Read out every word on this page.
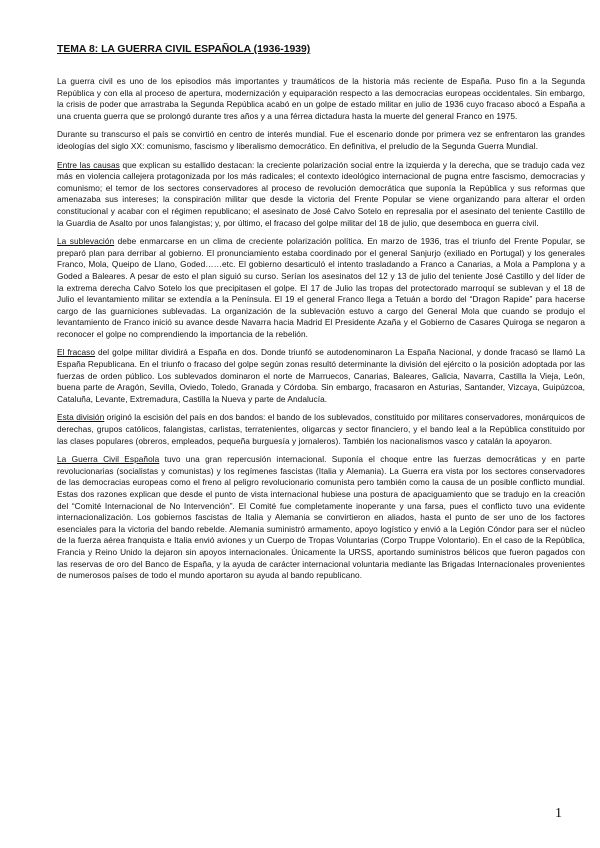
TEMA 8: LA GUERRA CIVIL ESPAÑOLA (1936-1939)

La guerra civil es uno de los episodios más importantes y traumáticos de la historia más reciente de España. Puso fin a la Segunda República y con ella al proceso de apertura, modernización y equiparación respecto a las democracias europeas occidentales. Sin embargo, la crisis de poder que arrastraba la Segunda República acabó en un golpe de estado militar en julio de 1936 cuyo fracaso abocó a España a una cruenta guerra que se prolongó durante tres años y a una férrea dictadura hasta la muerte del general Franco en 1975.

Durante su transcurso el país se convirtió en centro de interés mundial. Fue el escenario donde por primera vez se enfrentaron las grandes ideologías del siglo XX: comunismo, fascismo y liberalismo democrático. En definitiva, el preludio de la Segunda Guerra Mundial.

Entre las causas que explican su estallido destacan: la creciente polarización social entre la izquierda y la derecha, que se tradujo cada vez más en violencia callejera protagonizada por los más radicales; el contexto ideológico internacional de pugna entre fascismo, democracias y comunismo; el temor de los sectores conservadores al proceso de revolución democrática que suponía la República y sus reformas que amenazaba sus intereses; la conspiración militar que desde la victoria del Frente Popular se viene organizando para alterar el orden constitucional y acabar con el régimen republicano; el asesinato de José Calvo Sotelo en represalia por el asesinato del teniente Castillo de la Guardia de Asalto por unos falangistas; y, por último, el fracaso del golpe militar del 18 de julio, que desemboca en guerra civil.

La sublevación debe enmarcarse en un clima de creciente polarización política. En marzo de 1936, tras el triunfo del Frente Popular, se preparó plan para derribar al gobierno. El pronunciamiento estaba coordinado por el general Sanjurjo (exiliado en Portugal) y los generales Franco, Mola, Queipo de Llano, Goded……etc. El gobierno desarticuló el intento trasladando a Franco a Canarias, a Mola a Pamplona y a Goded a Baleares. A pesar de esto el plan siguió su curso. Serían los asesinatos del 12 y 13 de julio del teniente José Castillo y del líder de la extrema derecha Calvo Sotelo los que precipitasen el golpe. El 17 de Julio las tropas del protectorado marroquí se sublevan y el 18 de Julio el levantamiento militar se extendía a la Península. El 19 el general Franco llega a Tetuán a bordo del “Dragon Rapide” para hacerse cargo de las guarniciones sublevadas. La organización de la sublevación estuvo a cargo del General Mola que cuando se produjo el levantamiento de Franco inició su avance desde Navarra hacia Madrid El Presidente Azaña y el Gobierno de Casares Quiroga se negaron a reconocer el golpe no comprendiendo la importancia de la rebelión.

El fracaso del golpe militar dividirá a España en dos. Donde triunfó se autodenominaron La España Nacional, y donde fracasó se llamó La España Republicana. En el triunfo o fracaso del golpe según zonas resultó determinante la división del ejército o la posición adoptada por las fuerzas de orden público. Los sublevados dominaron el norte de Marruecos, Canarias, Baleares, Galicia, Navarra, Castilla la Vieja, León, buena parte de Aragón, Sevilla, Oviedo, Toledo, Granada y Córdoba. Sin embargo, fracasaron en Asturias, Santander, Vizcaya, Guipúzcoa, Cataluña, Levante, Extremadura, Castilla la Nueva y parte de Andalucía.

Esta división originó la escisión del país en dos bandos: el bando de los sublevados, constituido por militares conservadores, monárquicos de derechas, grupos católicos, falangistas, carlistas, terratenientes, oligarcas y sector financiero, y el bando leal a la República constituido por las clases populares (obreros, empleados, pequeña burguesía y jornaleros). También los nacionalismos vasco y catalán la apoyaron.

La Guerra Civil Española tuvo una gran repercusión internacional. Suponía el choque entre las fuerzas democráticas y en parte revolucionarias (socialistas y comunistas) y los regímenes fascistas (Italia y Alemania). La Guerra era vista por los sectores conservadores de las democracias europeas como el freno al peligro revolucionario comunista pero también como la causa de un posible conflicto mundial. Estas dos razones explican que desde el punto de vista internacional hubiese una postura de apaciguamiento que se tradujo en la creación del “Comité Internacional de No Intervención”. El Comité fue completamente inoperante y una farsa, pues el conflicto tuvo una evidente internacionalización. Los gobiernos fascistas de Italia y Alemania se convirtieron en aliados, hasta el punto de ser uno de los factores esenciales para la victoria del bando rebelde. Alemania suministró armamento, apoyo logístico y envió a la Legión Cóndor para ser el núcleo de la fuerza aérea franquista e Italia envió aviones y un Cuerpo de Tropas Voluntarias (Corpo Truppe Volontario). En el caso de la República, Francia y Reino Unido la dejaron sin apoyos internacionales. Únicamente la URSS, aportando suministros bélicos que fueron pagados con las reservas de oro del Banco de España, y la ayuda de carácter internacional voluntaria mediante las Brigadas Internacionales provenientes de numerosos países de todo el mundo aportaron su ayuda al bando republicano.

1
